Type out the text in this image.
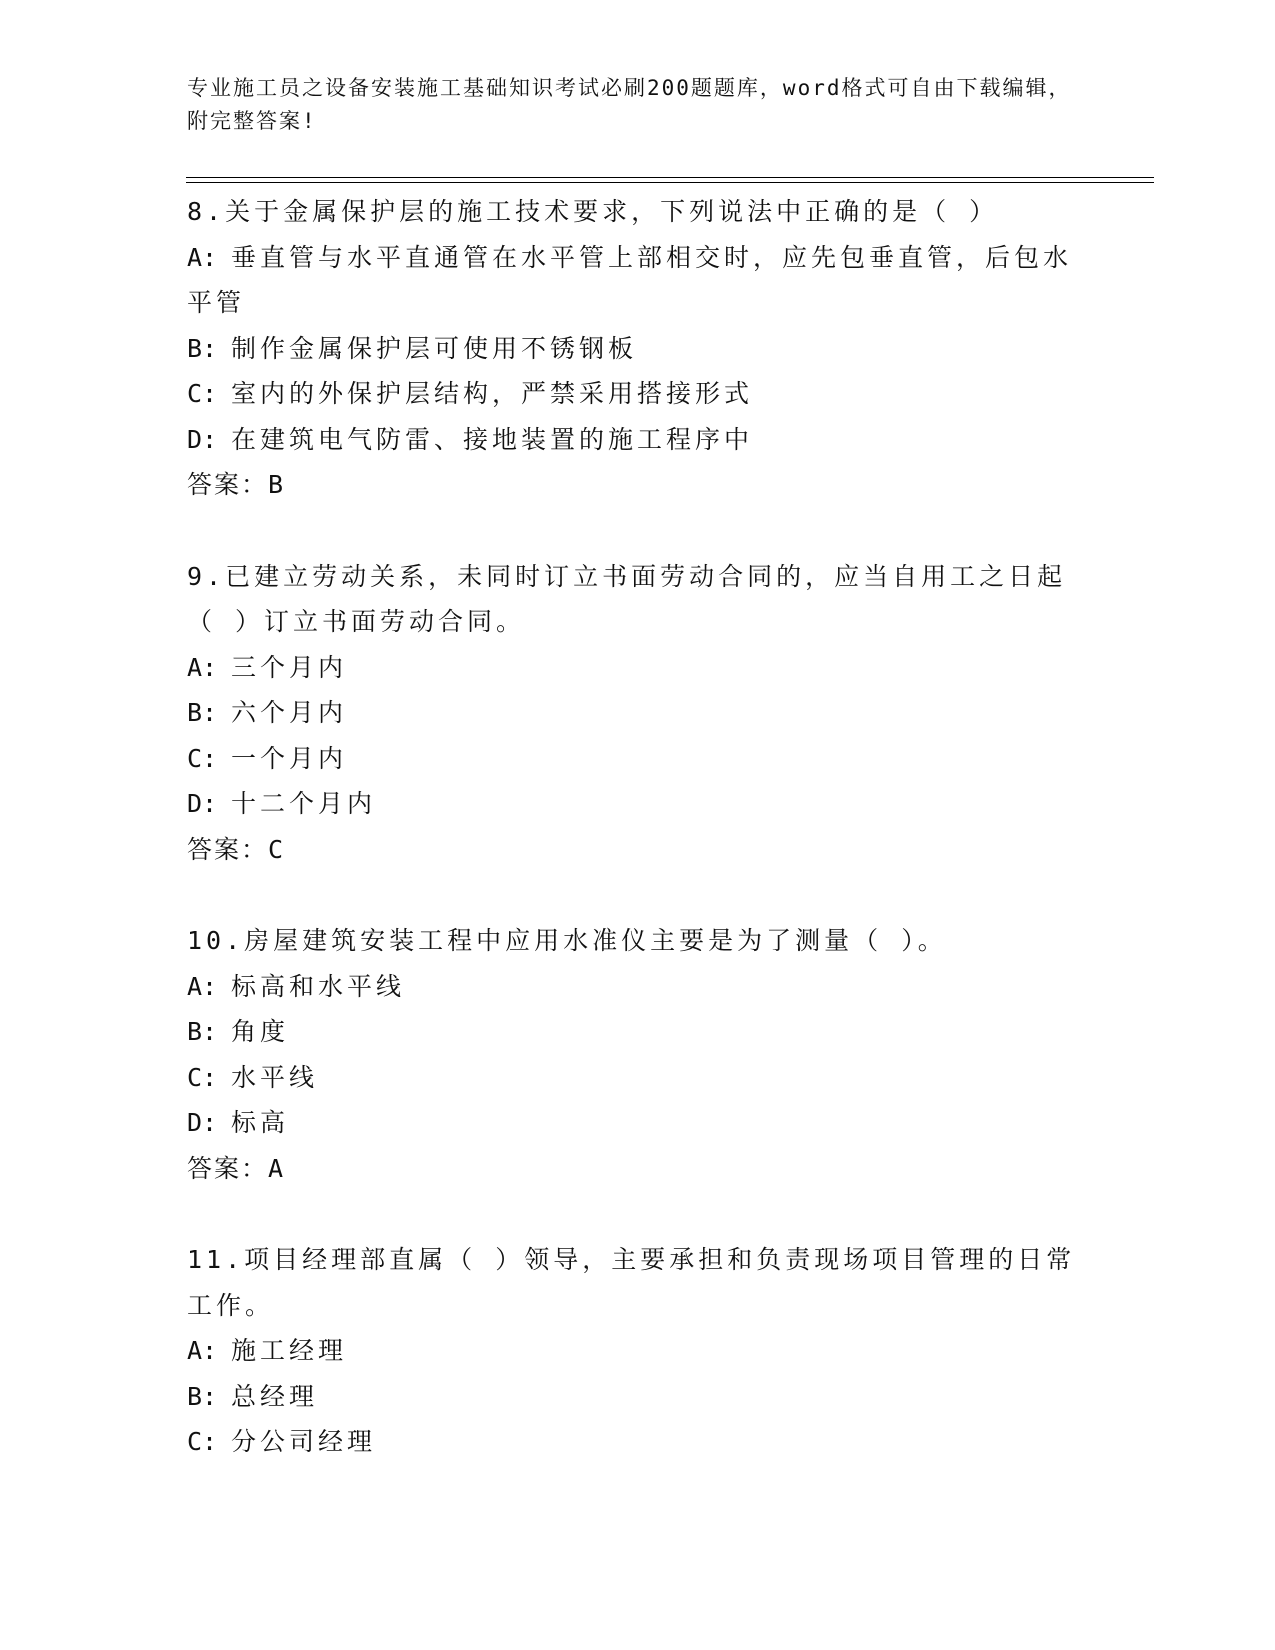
专业施工员之设备安装施工基础知识考试必刷200题题库，word格式可自由下载编辑，附完整答案!

8.关于金属保护层的施工技术要求，下列说法中正确的是（ ）

A: 垂直管与水平直通管在水平管上部相交时，应先包垂直管，后包水平管

B: 制作金属保护层可使用不锈钢板

C: 室内的外保护层结构，严禁采用搭接形式

D: 在建筑电气防雷、接地装置的施工程序中

答案：B

9.已建立劳动关系，未同时订立书面劳动合同的，应当自用工之日起（ ）订立书面劳动合同。

A: 三个月内

B: 六个月内

C: 一个月内

D: 十二个月内

答案：C

10.房屋建筑安装工程中应用水准仪主要是为了测量（ ）。

A: 标高和水平线

B: 角度

C: 水平线

D: 标高

答案：A

11.项目经理部直属（ ）领导，主要承担和负责现场项目管理的日常工作。

A: 施工经理

B: 总经理

C: 分公司经理
